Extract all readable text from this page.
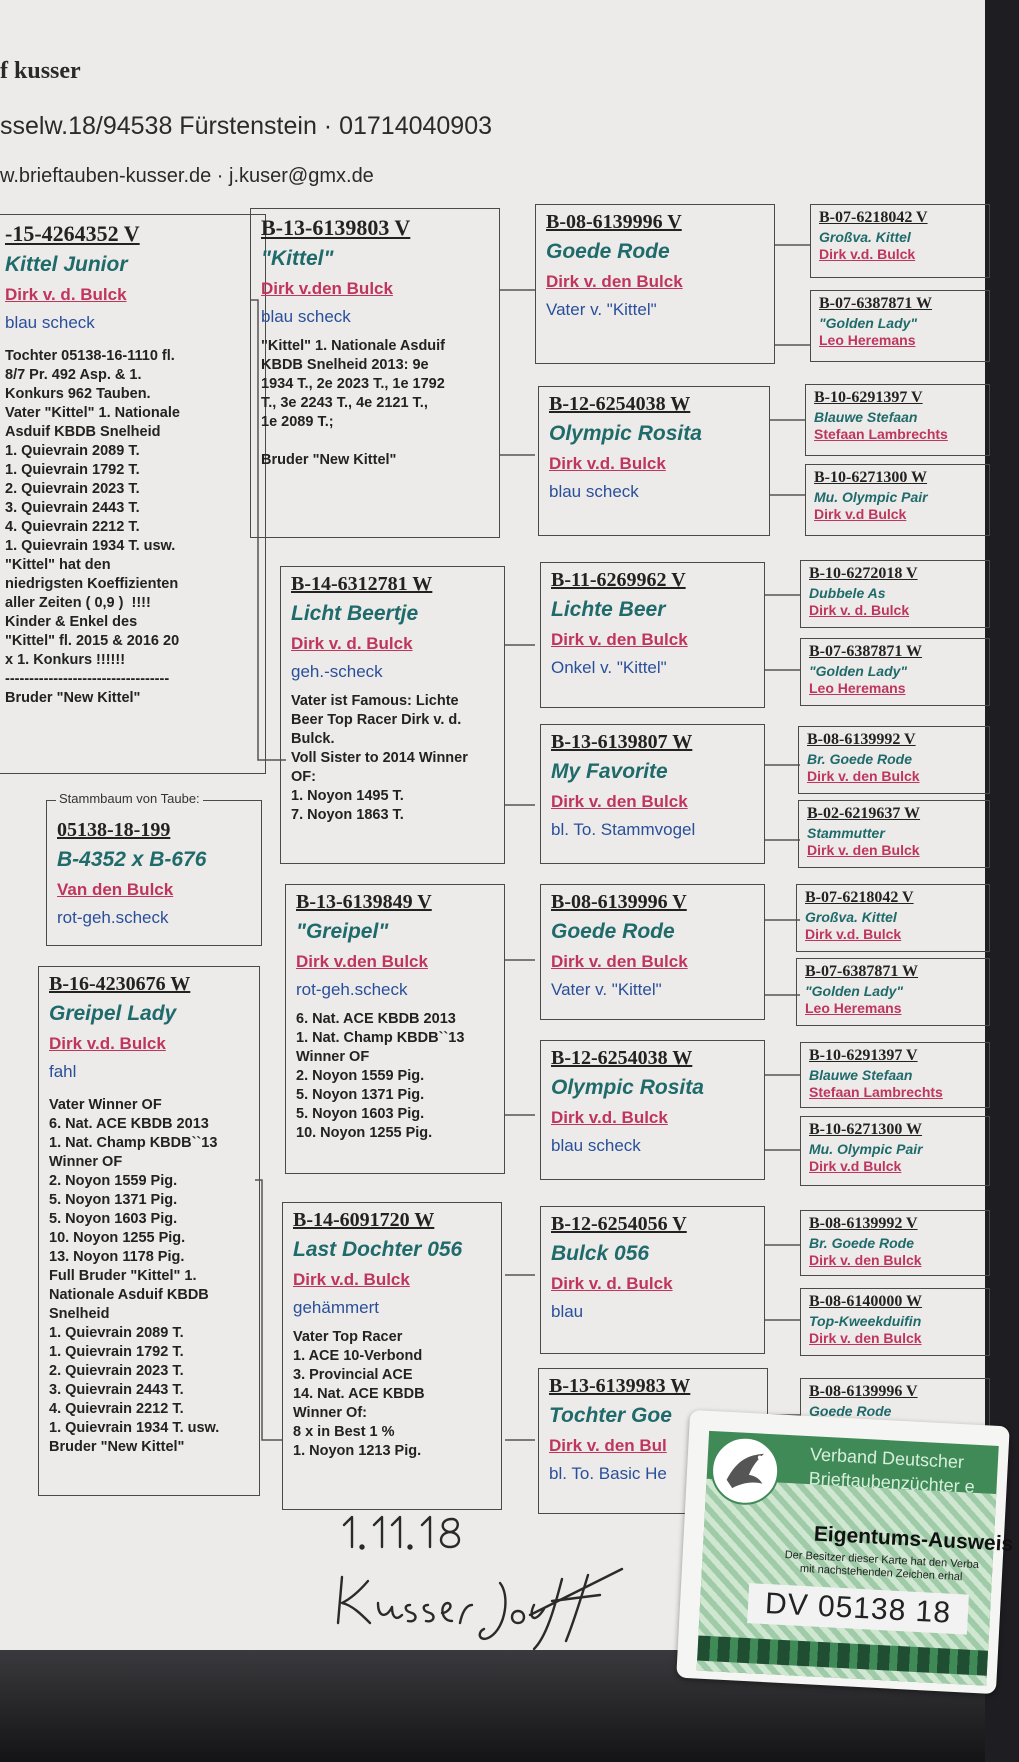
f kusser
sselw.18/94538 Fürstenstein · 01714040903
w.brieftauben-kusser.de · j.kuser@gmx.de
-15-4264352 V
Kittel Junior
Dirk v. d. Bulck
blau scheck
Tochter 05138-16-1110 fl.
8/7 Pr. 492 Asp. & 1.
Konkurs 962 Tauben.
Vater "Kittel" 1. Nationale
Asduif KBDB Snelheid
1. Quievrain 2089 T.
1. Quievrain 1792 T.
2. Quievrain 2023 T.
3. Quievrain 2443 T.
4. Quievrain 2212 T.
1. Quievrain 1934 T. usw.
"Kittel" hat den
niedrigsten Koeffizienten
aller Zeiten ( 0,9 )  !!!!
Kinder & Enkel des
"Kittel" fl. 2015 & 2016 20
x 1. Konkurs !!!!!!
----------------------------------
Bruder "New Kittel"
05138-18-199
B-4352 x B-676
Van den Bulck
rot-geh.scheck
Stammbaum von Taube:
B-16-4230676 W
Greipel Lady
Dirk v.d. Bulck
fahl
Vater Winner OF
6. Nat. ACE KBDB 2013
1. Nat. Champ KBDB``13
Winner OF
2. Noyon 1559 Pig.
5. Noyon 1371 Pig.
5. Noyon 1603 Pig.
10. Noyon 1255 Pig.
13. Noyon 1178 Pig.
Full Bruder "Kittel" 1.
Nationale Asduif KBDB
Snelheid
1. Quievrain 2089 T.
1. Quievrain 1792 T.
2. Quievrain 2023 T.
3. Quievrain 2443 T.
4. Quievrain 2212 T.
1. Quievrain 1934 T. usw.
Bruder "New Kittel"
B-13-6139803 V
"Kittel"
Dirk v.den Bulck
blau scheck
"Kittel" 1. Nationale Asduif
KBDB Snelheid 2013: 9e
1934 T., 2e 2023 T., 1e 1792
T., 3e 2243 T., 4e 2121 T.,
1e 2089 T.;

Bruder "New Kittel"
B-14-6312781 W
Licht Beertje
Dirk v. d. Bulck
geh.-scheck
Vater ist Famous: Lichte
Beer Top Racer Dirk v. d.
Bulck.
Voll Sister to 2014 Winner
OF:
1. Noyon 1495 T.
7. Noyon 1863 T.
B-13-6139849 V
"Greipel"
Dirk v.den Bulck
rot-geh.scheck
6. Nat. ACE KBDB 2013
1. Nat. Champ KBDB``13
Winner OF
2. Noyon 1559 Pig.
5. Noyon 1371 Pig.
5. Noyon 1603 Pig.
10. Noyon 1255 Pig.
B-14-6091720 W
Last Dochter 056
Dirk v.d. Bulck
gehämmert
Vater Top Racer
1. ACE 10-Verbond
3. Provincial ACE
14. Nat. ACE KBDB
Winner Of:
8 x in Best 1 %
1. Noyon 1213 Pig.
B-08-6139996 V
Goede Rode
Dirk v. den Bulck
Vater v. "Kittel"
B-12-6254038 W
Olympic Rosita
Dirk v.d. Bulck
blau scheck
B-11-6269962 V
Lichte Beer
Dirk v. den Bulck
Onkel v. "Kittel"
B-13-6139807 W
My Favorite
Dirk v. den Bulck
bl. To. Stammvogel
B-08-6139996 V
Goede Rode
Dirk v. den Bulck
Vater v. "Kittel"
B-12-6254038 W
Olympic Rosita
Dirk v.d. Bulck
blau scheck
B-12-6254056 V
Bulck 056
Dirk v. d. Bulck
blau
B-13-6139983 W
Tochter Goe
Dirk v. den Bul
bl. To. Basic He
B-07-6218042 V
Großva. Kittel
Dirk v.d. Bulck
B-07-6387871 W
"Golden Lady"
Leo Heremans
B-10-6291397 V
Blauwe Stefaan
Stefaan Lambrechts
B-10-6271300 W
Mu. Olympic Pair
Dirk v.d Bulck
B-10-6272018 V
Dubbele As
Dirk v. d. Bulck
B-07-6387871 W
"Golden Lady"
Leo Heremans
B-08-6139992 V
Br. Goede Rode
Dirk v. den Bulck
B-02-6219637 W
Stammutter
Dirk v. den Bulck
B-07-6218042 V
Großva. Kittel
Dirk v.d. Bulck
B-07-6387871 W
"Golden Lady"
Leo Heremans
B-10-6291397 V
Blauwe Stefaan
Stefaan Lambrechts
B-10-6271300 W
Mu. Olympic Pair
Dirk v.d Bulck
B-08-6139992 V
Br. Goede Rode
Dirk v. den Bulck
B-08-6140000 W
Top-Kweekduifin
Dirk v. den Bulck
B-08-6139996 V
Goede Rode
Verband Deutscher
Brieftaubenzüchter e
Eigentums-Ausweis
Der Besitzer dieser Karte hat den Verba
mit nachstehenden Zeichen erhal
DV 05138 18
